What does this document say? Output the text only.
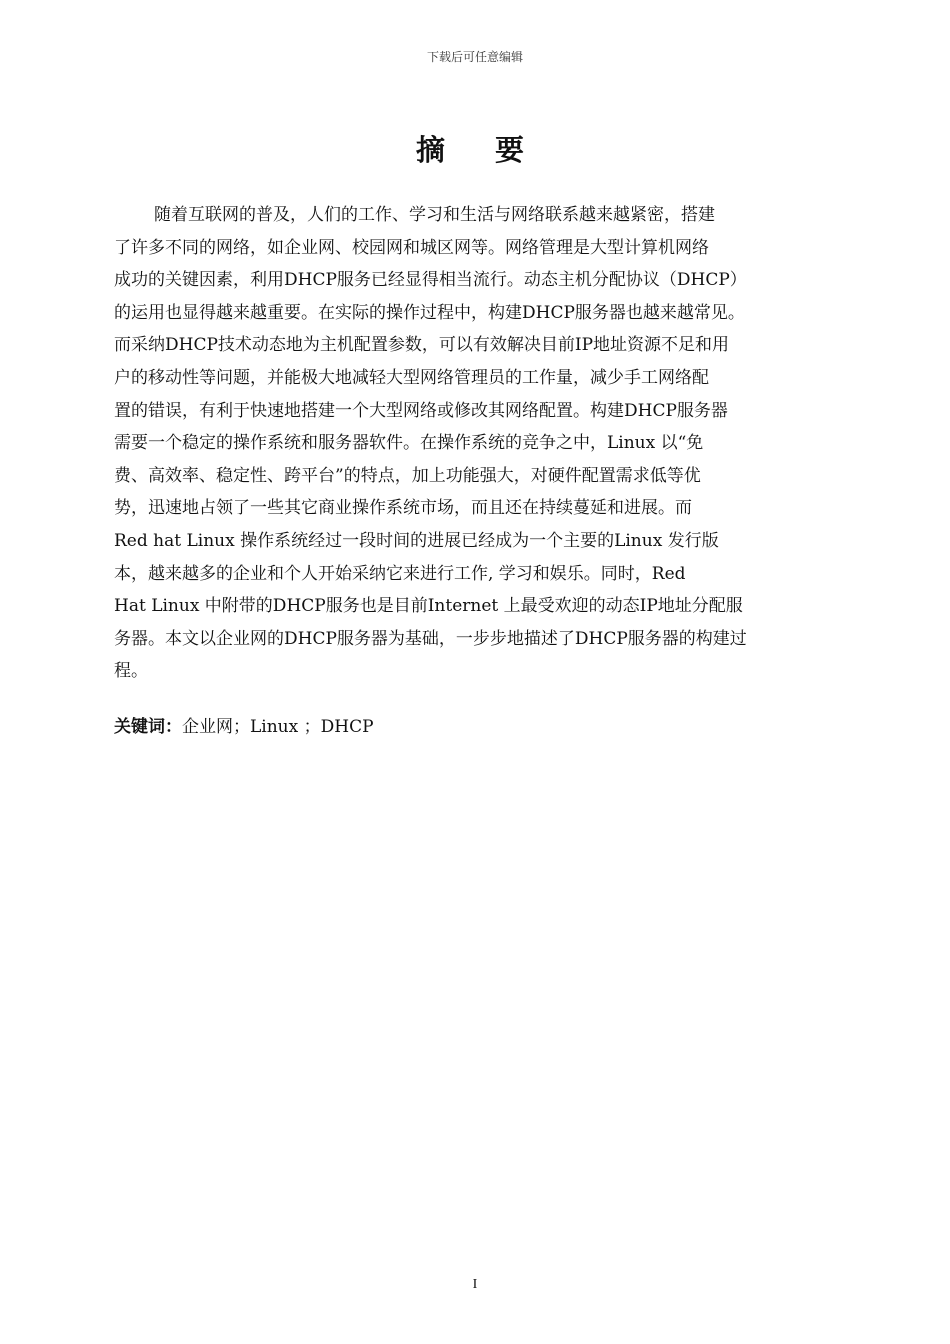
下载后可任意编辑
摘要
随着互联网的普及，人们的工作、学习和生活与网络联系越来越紧密，搭建
了许多不同的网络，如企业网、校园网和城区网等。网络管理是大型计算机网络
成功的关键因素，利用DHCP服务已经显得相当流行。动态主机分配协议（DHCP）
的运用也显得越来越重要。在实际的操作过程中，构建DHCP服务器也越来越常见。
而采纳DHCP技术动态地为主机配置参数，可以有效解决目前IP地址资源不足和用
户的移动性等问题，并能极大地减轻大型网络管理员的工作量，减少手工网络配
置的错误，有利于快速地搭建一个大型网络或修改其网络配置。构建DHCP服务器
需要一个稳定的操作系统和服务器软件。在操作系统的竞争之中，Linux 以“免
费、高效率、稳定性、跨平台”的特点，加上功能强大，对硬件配置需求低等优
势，迅速地占领了一些其它商业操作系统市场，而且还在持续蔓延和进展。而
Red hat Linux 操作系统经过一段时间的进展已经成为一个主要的Linux 发行版
本，越来越多的企业和个人开始采纳它来进行工作, 学习和娱乐。同时，Red
Hat Linux 中附带的DHCP服务也是目前Internet 上最受欢迎的动态IP地址分配服
务器。本文以企业网的DHCP服务器为基础，一步步地描述了DHCP服务器的构建过
程。
关键词：企业网；Linux ；DHCP
I
